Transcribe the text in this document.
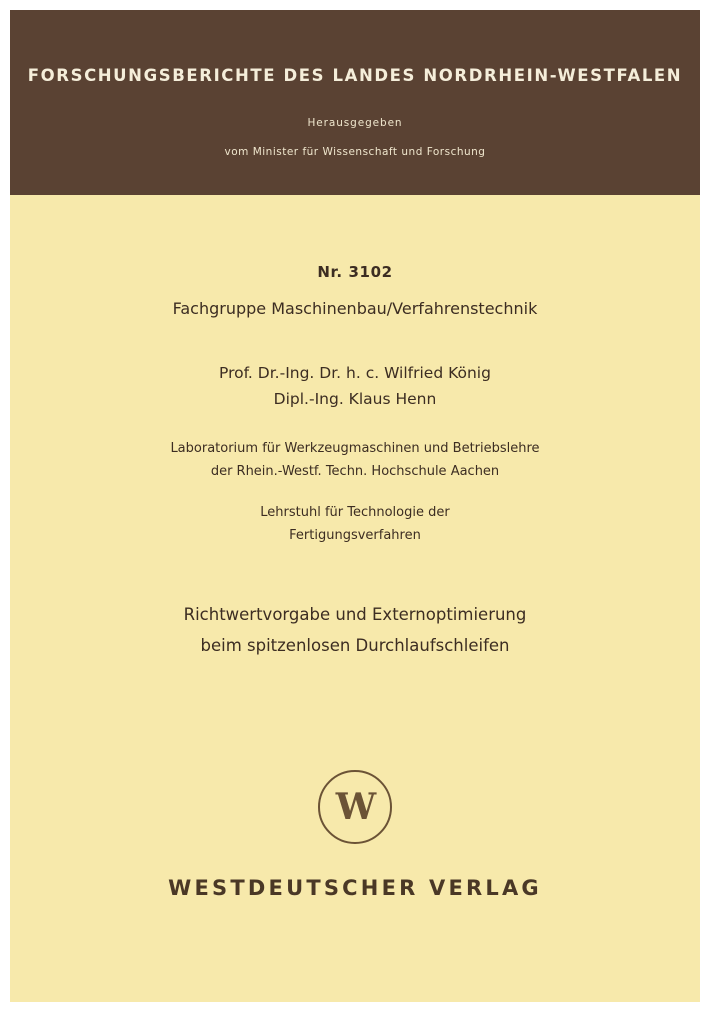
FORSCHUNGSBERICHTE DES LANDES NORDRHEIN-WESTFALEN
Herausgegeben
vom Minister für Wissenschaft und Forschung
Nr. 3102
Fachgruppe Maschinenbau/Verfahrenstechnik
Prof. Dr.-Ing. Dr. h. c. Wilfried König
Dipl.-Ing. Klaus Henn
Laboratorium für Werkzeugmaschinen und Betriebslehre
der Rhein.-Westf. Techn. Hochschule Aachen
Lehrstuhl für Technologie der
Fertigungsverfahren
Richtwertvorgabe und Externoptimierung
beim spitzenlosen Durchlaufschleifen
W
WESTDEUTSCHER VERLAG
